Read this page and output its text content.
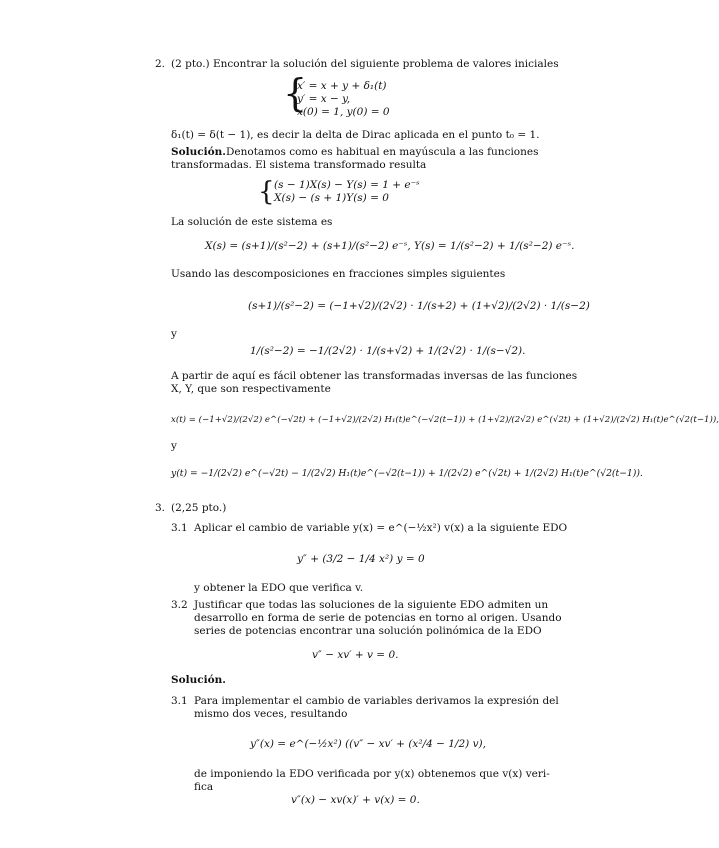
2. (2 pto.) Encontrar la solución del siguiente problema de valores iniciales
{
x′ = x + y + δ₁(t)
y′ = x − y,
x(0) = 1, y(0) = 0
δ₁(t) = δ(t − 1), es decir la delta de Dirac aplicada en el punto t₀ = 1.
Solución. Denotamos como es habitual en mayúscula a las funciones
transformadas. El sistema transformado resulta
{ (s − 1)X(s) − Y(s) = 1 + e⁻ˢ
X(s) − (s + 1)Y(s) = 0
La solución de este sistema es
X(s) = (s+1)/(s²−2) + (s+1)/(s²−2) e⁻ˢ, Y(s) = 1/(s²−2) + 1/(s²−2) e⁻ˢ.
Usando las descomposiciones en fracciones simples siguientes
(s+1)/(s²−2) = (−1+√2)/(2√2) · 1/(s+2) + (1+√2)/(2√2) · 1/(s−2)
y
1/(s²−2) = −1/(2√2) · 1/(s+√2) + 1/(2√2) · 1/(s−√2).
A partir de aquí es fácil obtener las transformadas inversas de las funciones
X, Y, que son respectivamente
x(t) = (−1+√2)/(2√2) e^(−√2t) + (−1+√2)/(2√2) H₁(t)e^(−√2(t−1)) + (1+√2)/(2√2) e^(√2t) + (1+√2)/(2√2) H₁(t)e^(√2(t−1)),
y
y(t) = −1/(2√2) e^(−√2t) − 1/(2√2) H₁(t)e^(−√2(t−1)) + 1/(2√2) e^(√2t) + 1/(2√2) H₁(t)e^(√2(t−1)).
3. (2,25 pto.)
3.1 Aplicar el cambio de variable y(x) = e^(−½x²) v(x) a la siguiente EDO
y″ + (3/2 − 1/4 x²) y = 0
y obtener la EDO que verifica v.
3.2 Justificar que todas las soluciones de la siguiente EDO admiten un
desarrollo en forma de serie de potencias en torno al origen. Usando
series de potencias encontrar una solución polinómica de la EDO
v″ − xv′ + v = 0.
Solución.
3.1 Para implementar el cambio de variables derivamos la expresión del
mismo dos veces, resultando
y″(x) = e^(−½x²) ((v″ − xv′ + (x²/4 − 1/2) v),
de imponiendo la EDO verificada por y(x) obtenemos que v(x) veri-
fica
v″(x) − xv(x)′ + v(x) = 0.
